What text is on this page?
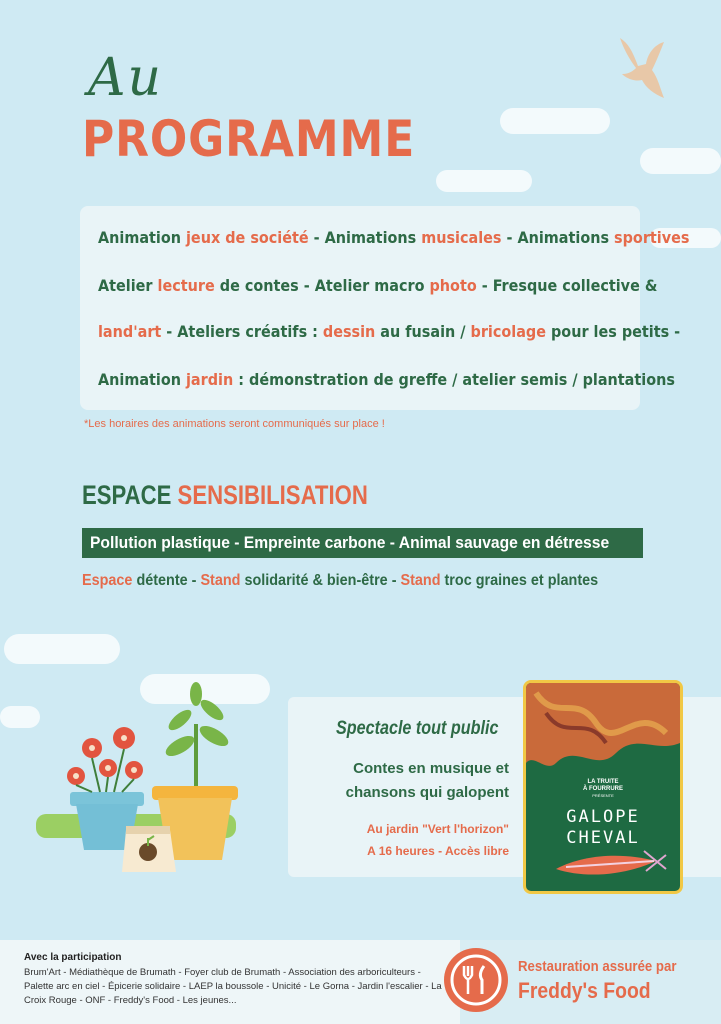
Au
PROGRAMME
Animation jeux de société - Animations musicales - Animations sportives
Atelier lecture de contes - Atelier macro photo - Fresque collective &
land'art - Ateliers créatifs : dessin au fusain / bricolage pour les petits -
Animation jardin : démonstration de greffe / atelier semis / plantations
*Les horaires des animations seront communiqués sur place !
ESPACE SENSIBILISATION
Pollution plastique - Empreinte carbone - Animal sauvage en détresse
Espace détente - Stand solidarité & bien-être - Stand troc graines et plantes
Spectacle tout public
Contes en musique et
chansons qui galopent
Au jardin "Vert l'horizon"
A 16 heures - Accès libre
LA TRUITE
À FOURRURE
PRÉSENTE
GALOPE
CHEVAL
Avec la participation
Brum'Art - Médiathèque de Brumath - Foyer club de Brumath - Association des arboriculteurs - Palette arc en ciel - Épicerie solidaire - LAEP la boussole - Unicité - Le Gorna - Jardin l'escalier - La Croix Rouge - ONF - Freddy's Food - Les jeunes...
Restauration assurée par
Freddy's Food
